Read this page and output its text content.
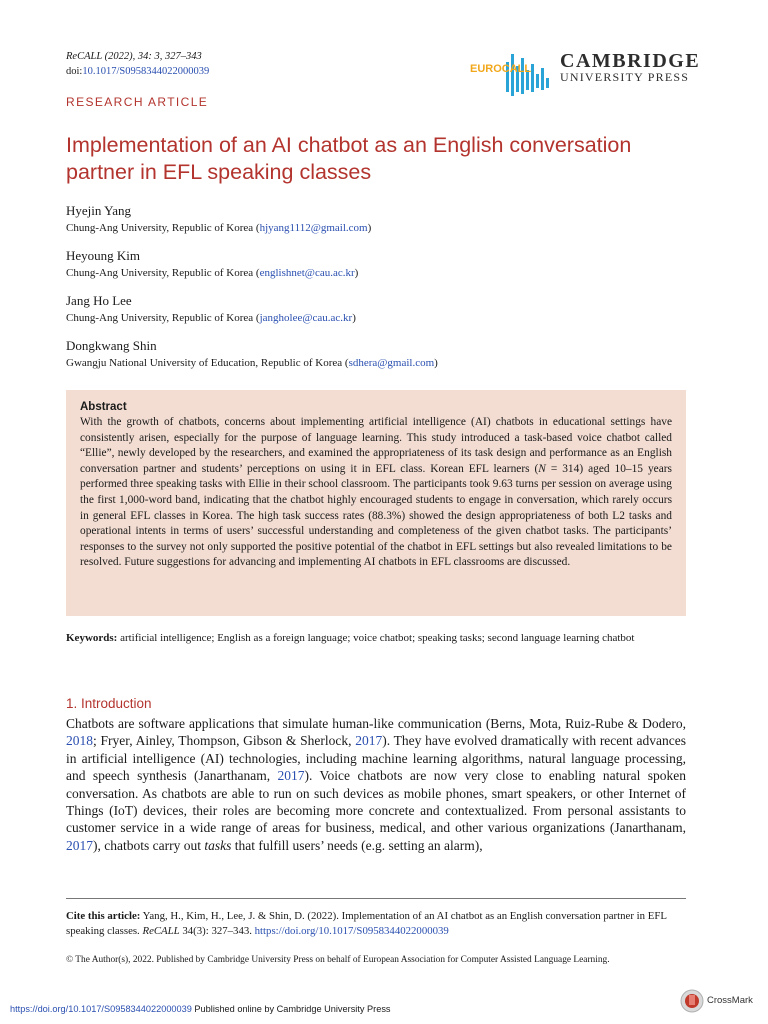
ReCALL (2022), 34: 3, 327–343
doi:10.1017/S0958344022000039	EUROCALL CAMBRIDGE
UNIVERSITY PRESS
RESEARCH ARTICLE
Implementation of an AI chatbot as an English conversation partner in EFL speaking classes
Hyejin Yang
Chung-Ang University, Republic of Korea (hjyang1112@gmail.com)
Heyoung Kim
Chung-Ang University, Republic of Korea (englishnet@cau.ac.kr)
Jang Ho Lee
Chung-Ang University, Republic of Korea (jangholee@cau.ac.kr)
Dongkwang Shin
Gwangju National University of Education, Republic of Korea (sdhera@gmail.com)
Abstract

With the growth of chatbots, concerns about implementing artificial intelligence (AI) chatbots in educational settings have consistently arisen, especially for the purpose of language learning. This study introduced a task-based voice chatbot called “Ellie”, newly developed by the researchers, and examined the appropriateness of its task design and performance as an English conversation partner and students’ perceptions on using it in EFL class. Korean EFL learners (N = 314) aged 10–15 years performed three speaking tasks with Ellie in their school classroom. The participants took 9.63 turns per session on average using the first 1,000-word band, indicating that the chatbot highly encouraged students to engage in conversation, which rarely occurs in general EFL classes in Korea. The high task success rates (88.3%) showed the design appropriateness of both L2 tasks and operational intents in terms of users’ successful understanding and completeness of the given chatbot tasks. The participants’ responses to the survey not only supported the positive potential of the chatbot in EFL settings but also revealed limitations to be resolved. Future suggestions for advancing and implementing AI chatbots in EFL classrooms are discussed.

Keywords: artificial intelligence; English as a foreign language; voice chatbot; speaking tasks; second language learning chatbot
1. Introduction

Chatbots are software applications that simulate human-like communication (Berns, Mota, Ruiz-Rube & Dodero, 2018; Fryer, Ainley, Thompson, Gibson & Sherlock, 2017). They have evolved dramatically with recent advances in artificial intelligence (AI) technologies, including machine learning algorithms, natural language processing, and speech synthesis (Janarthanam, 2017). Voice chatbots are now very close to enabling natural spoken conversation. As chatbots are able to run on such devices as mobile phones, smart speakers, or other Internet of Things (IoT) devices, their roles are becoming more concrete and contextualized. From personal assistants to customer service in a wide range of areas for business, medical, and other various organizations (Janarthanam, 2017), chatbots carry out tasks that fulfill users’ needs (e.g. setting an alarm),

Cite this article: Yang, H., Kim, H., Lee, J. & Shin, D. (2022). Implementation of an AI chatbot as an English conversation partner in EFL speaking classes. ReCALL 34(3): 327–343. https://doi.org/10.1017/S0958344022000039

© The Author(s), 2022. Published by Cambridge University Press on behalf of European Association for Computer Assisted Language Learning.
https://doi.org/10.1017/S0958344022000039 Published online by Cambridge University Press
CrossMark
